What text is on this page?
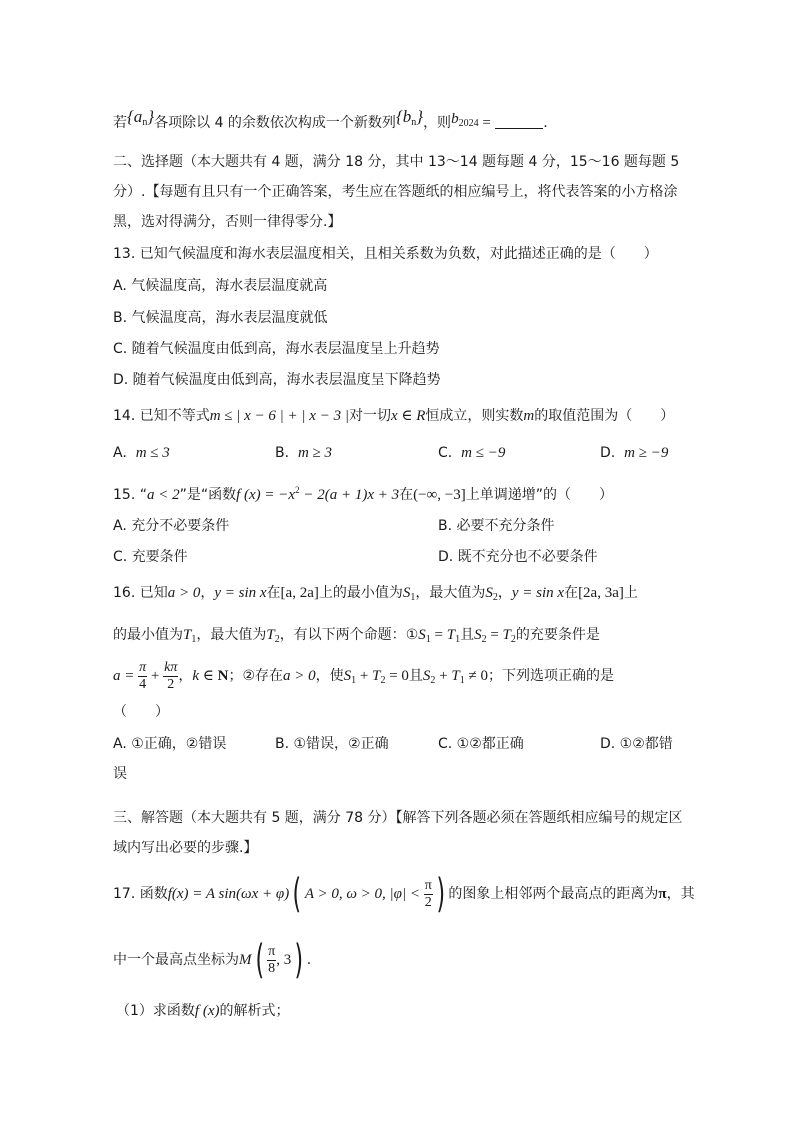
若$\{a_n\}$各项除以 4 的余数依次构成一个新数列$\{b_n\}$，则$b_{2024}$ =	.
二、选择题（本大题共有 4 题，满分 18 分，其中 13～14 题每题 4 分，15～16 题每题 5
分）.【每题有且只有一个正确答案，考生应在答题纸的相应编号上，将代表答案的小方格涂
黑，选对得满分，否则一律得零分.】
13. 已知气候温度和海水表层温度相关，且相关系数为负数，对此描述正确的是（　　）
A. 气候温度高，海水表层温度就高
B. 气候温度高，海水表层温度就低
C. 随着气候温度由低到高，海水表层温度呈上升趋势
D. 随着气候温度由低到高，海水表层温度呈下降趋势
14. 已知不等式m ≤ | x − 6 | + | x − 3 |对一切x ∈ R恒成立，则实数m的取值范围为（　　）
A. m ≤ 3	B. m ≥ 3	C. m ≤ −9	D. m ≥ −9
15. “a < 2”是“函数f $(x) = -x^2 - 2(a + 1)x + 3$在(−∞, −3]上单调递增”的（　　）
A. 充分不必要条件	B. 必要不充分条件
C. 充要条件	D. 既不充分也不必要条件
16. 已知a > 0，y = sin x在[a, 2a]上的最小值为$S_1$，最大值为$S_2$，y = sin x在[2a, 3a]上
的最小值为$T_1$，最大值为$T_2$，有以下两个命题：$①S_1 = T_1$且$S_2 = T_2$的充要条件是
$a = \frac{\pi}{4} + \frac{k\pi}{2}$ ，k ∈ N；②存在a > 0，使$S_1 + T_2 = 0$且$S_2 + T_1 \ne 0$；下列选项正确的是
（　　）
A. ①正确，②错误	B. ①错误，②正确	C. ①②都正确	D. ①②都错
误
三、解答题（本大题共有 5 题，满分 78 分）【解答下列各题必须在答题纸相应编号的规定区
域内写出必要的步骤.】
17. 函数f(x) = A sin(ωx + φ)( A > 0, ω > 0, $|\varphi| < \frac{\pi}{2}$ ) 的图象上相邻两个最高点的距离为π，其
中一个最高点坐标为$M( \frac{\pi}{8}$ , 3) .
（1）求函数f (x)的解析式；
